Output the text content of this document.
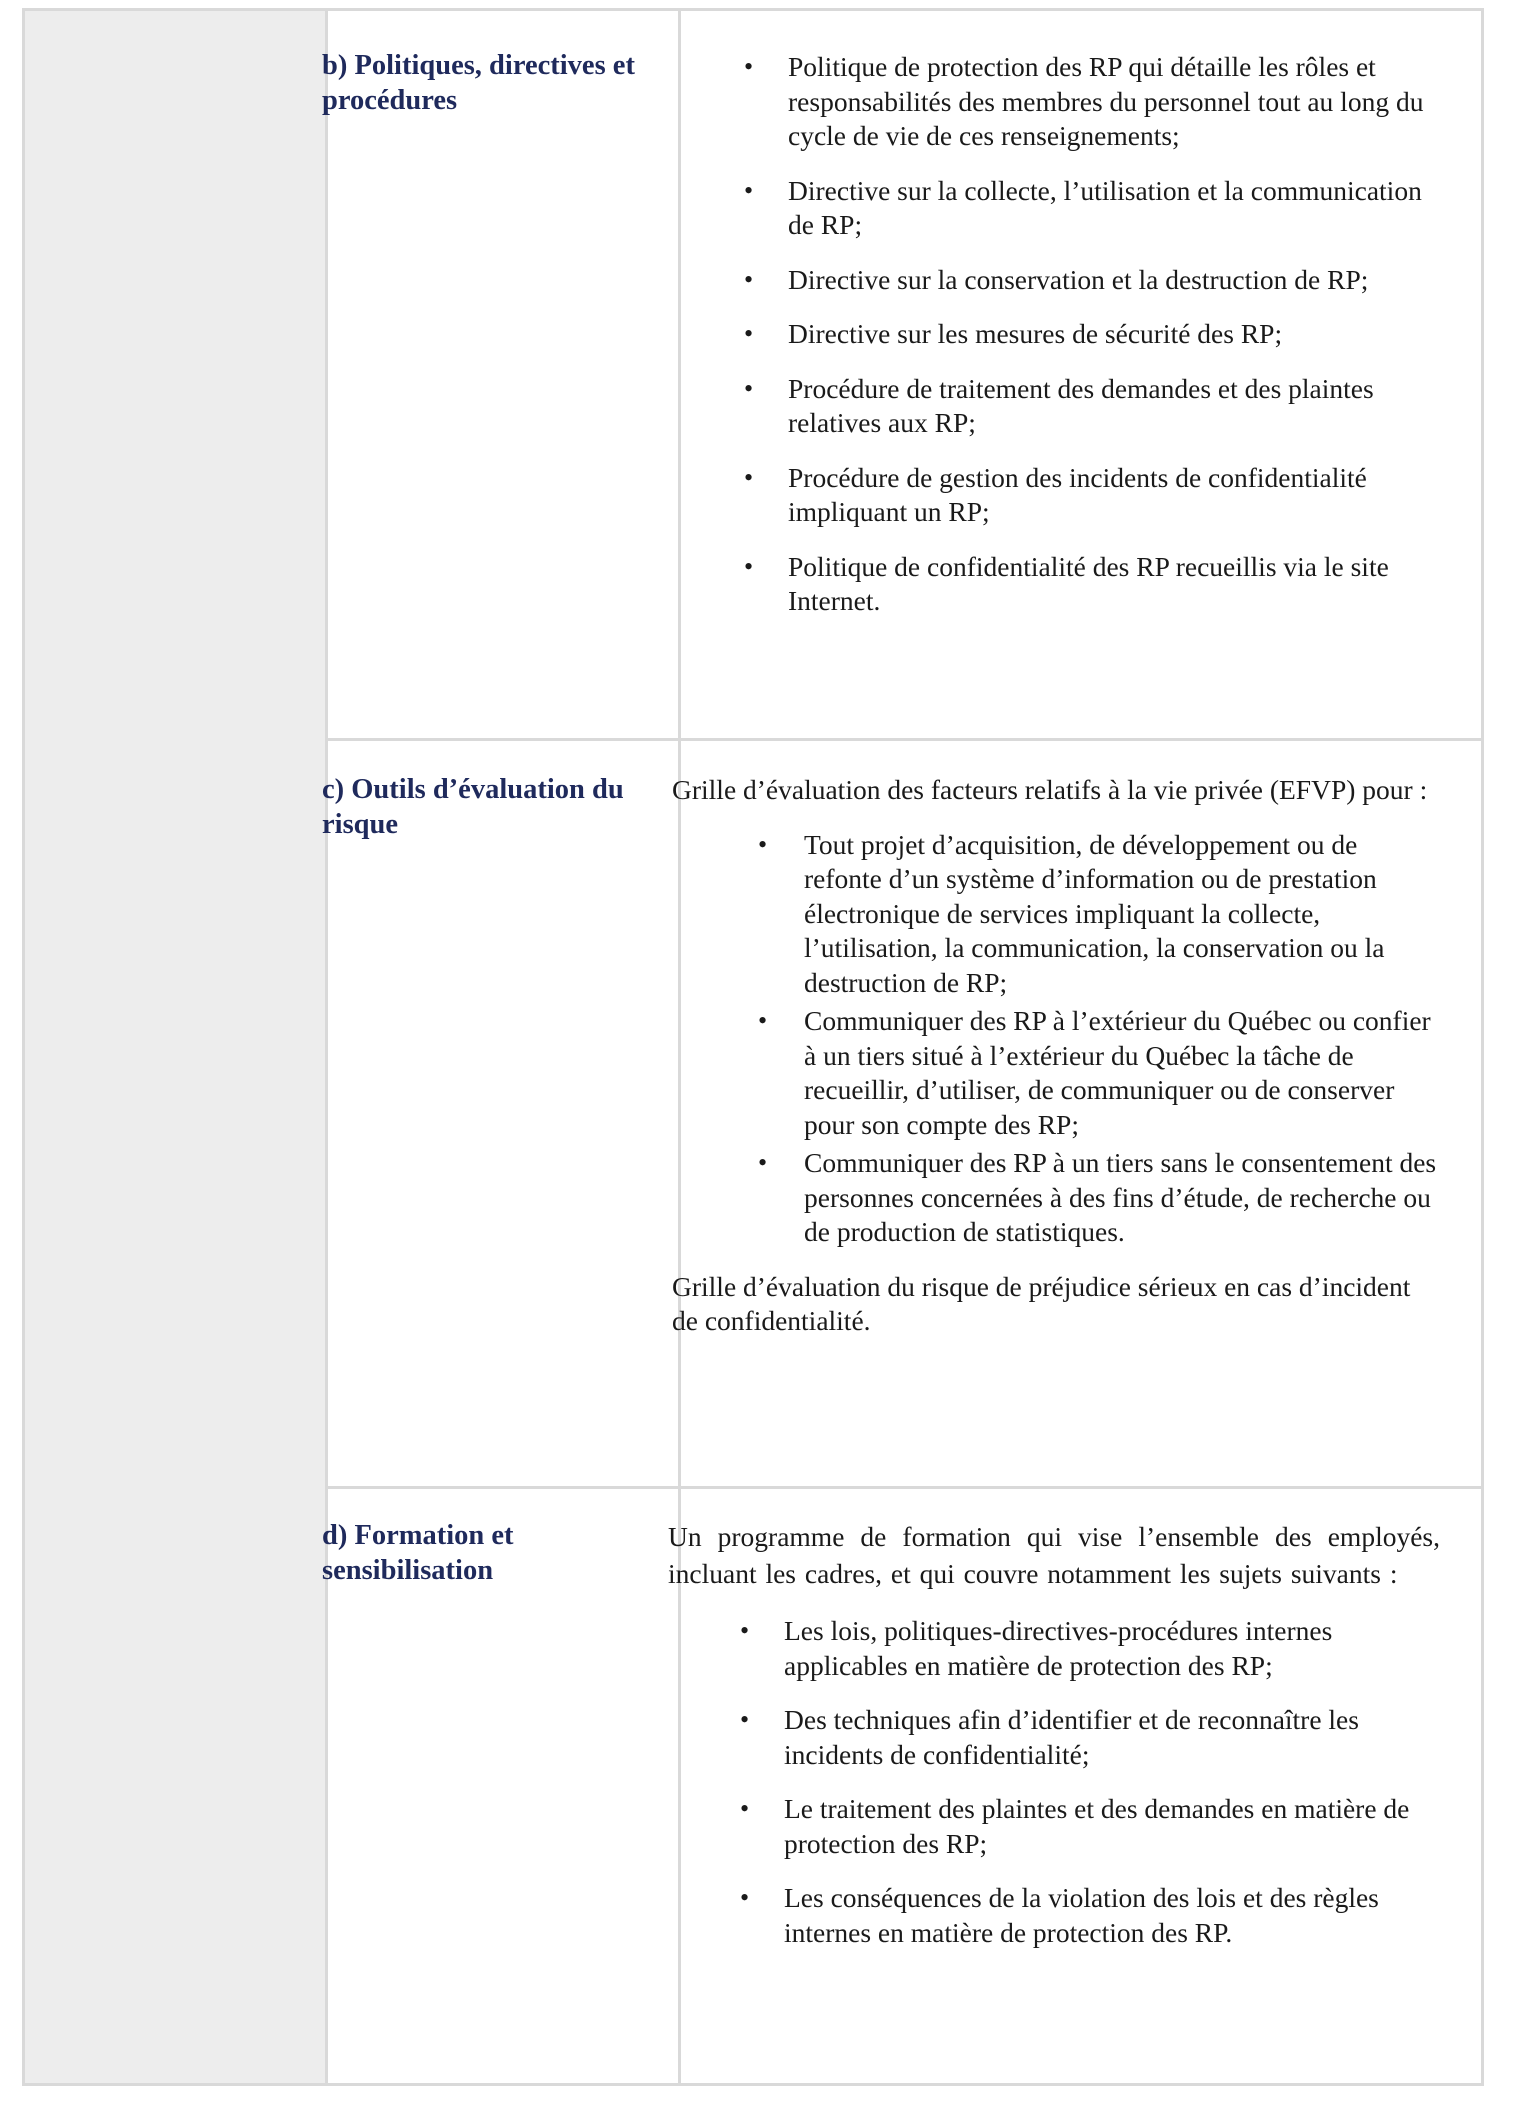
b) Politiques, directives et procédures
• Politique de protection des RP qui détaille les rôles et responsabilités des membres du personnel tout au long du cycle de vie de ces renseignements;
• Directive sur la collecte, l’utilisation et la communication de RP;
• Directive sur la conservation et la destruction de RP;
• Directive sur les mesures de sécurité des RP;
• Procédure de traitement des demandes et des plaintes relatives aux RP;
• Procédure de gestion des incidents de confidentialité impliquant un RP;
• Politique de confidentialité des RP recueillis via le site Internet.
c) Outils d’évaluation du risque

Grille d’évaluation des facteurs relatifs à la vie privée (EFVP) pour :

• Tout projet d’acquisition, de développement ou de refonte d’un système d’information ou de prestation électronique de services impliquant la collecte, l’utilisation, la communication, la conservation ou la destruction de RP;
• Communiquer des RP à l’extérieur du Québec ou confier à un tiers situé à l’extérieur du Québec la tâche de recueillir, d’utiliser, de communiquer ou de conserver pour son compte des RP;
• Communiquer des RP à un tiers sans le consentement des personnes concernées à des fins d’étude, de recherche ou de production de statistiques.

Grille d’évaluation du risque de préjudice sérieux en cas d’incident de confidentialité.

d) Formation et sensibilisation

Un programme de formation qui vise l’ensemble des employés, incluant les cadres, et qui couvre notamment les sujets suivants :

• Les lois, politiques-directives-procédures internes applicables en matière de protection des RP;
• Des techniques afin d’identifier et de reconnaître les incidents de confidentialité;
• Le traitement des plaintes et des demandes en matière de protection des RP;
• Les conséquences de la violation des lois et des règles internes en matière de protection des RP.
